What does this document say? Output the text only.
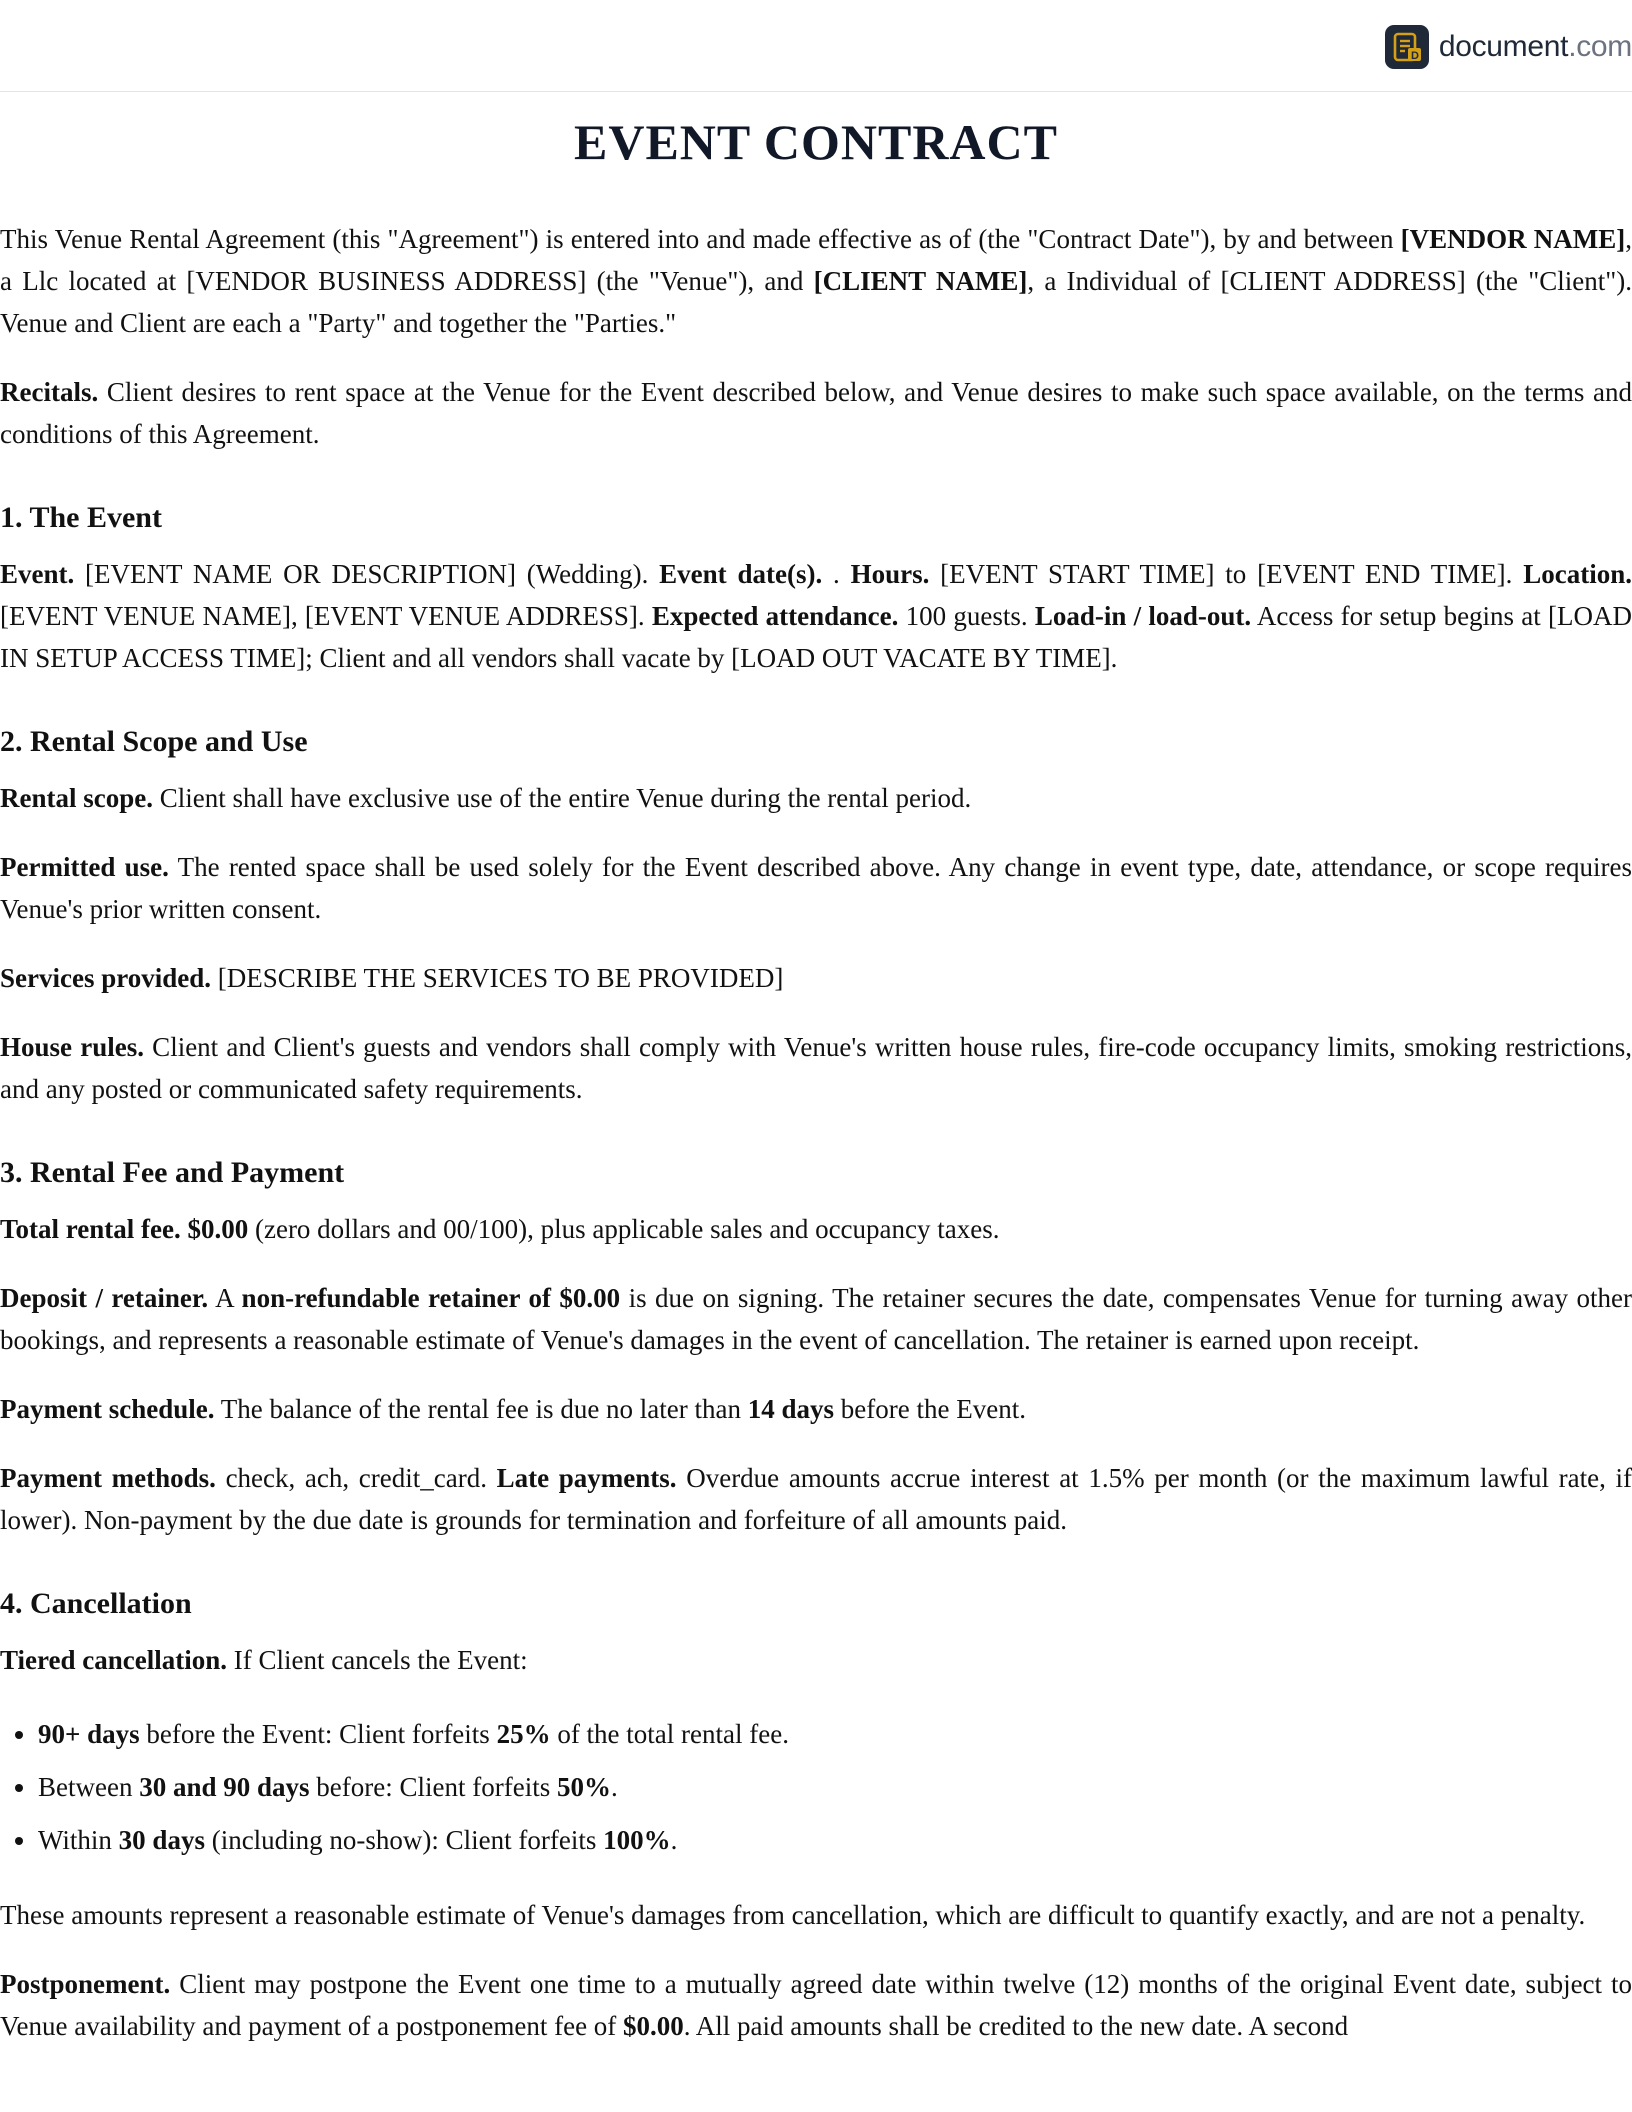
D document.com
EVENT CONTRACT

This Venue Rental Agreement (this "Agreement") is entered into and made effective as of (the "Contract Date"), by and between [VENDOR NAME], a Llc located at [VENDOR BUSINESS ADDRESS] (the "Venue"), and [CLIENT NAME], a Individual of [CLIENT ADDRESS] (the "Client"). Venue and Client are each a "Party" and together the "Parties."

Recitals. Client desires to rent space at the Venue for the Event described below, and Venue desires to make such space available, on the terms and conditions of this Agreement.

1. The Event

Event. [EVENT NAME OR DESCRIPTION] (Wedding). Event date(s). . Hours. [EVENT START TIME] to [EVENT END TIME]. Location. [EVENT VENUE NAME], [EVENT VENUE ADDRESS]. Expected attendance. 100 guests. Load-in / load-out. Access for setup begins at [LOAD IN SETUP ACCESS TIME]; Client and all vendors shall vacate by [LOAD OUT VACATE BY TIME].

2. Rental Scope and Use

Rental scope. Client shall have exclusive use of the entire Venue during the rental period.

Permitted use. The rented space shall be used solely for the Event described above. Any change in event type, date, attendance, or scope requires Venue's prior written consent.

Services provided. [DESCRIBE THE SERVICES TO BE PROVIDED]

House rules. Client and Client's guests and vendors shall comply with Venue's written house rules, fire-code occupancy limits, smoking restrictions, and any posted or communicated safety requirements.

3. Rental Fee and Payment

Total rental fee. $0.00 (zero dollars and 00/100), plus applicable sales and occupancy taxes.

Deposit / retainer. A non-refundable retainer of $0.00 is due on signing. The retainer secures the date, compensates Venue for turning away other bookings, and represents a reasonable estimate of Venue's damages in the event of cancellation. The retainer is earned upon receipt.

Payment schedule. The balance of the rental fee is due no later than 14 days before the Event.

Payment methods. check, ach, credit_card. Late payments. Overdue amounts accrue interest at 1.5% per month (or the maximum lawful rate, if lower). Non-payment by the due date is grounds for termination and forfeiture of all amounts paid.

4. Cancellation

Tiered cancellation. If Client cancels the Event:

• 90+ days before the Event: Client forfeits 25% of the total rental fee.
• Between 30 and 90 days before: Client forfeits 50%.
• Within 30 days (including no-show): Client forfeits 100%.

These amounts represent a reasonable estimate of Venue's damages from cancellation, which are difficult to quantify exactly, and are not a penalty.

Postponement. Client may postpone the Event one time to a mutually agreed date within twelve (12) months of the original Event date, subject to Venue availability and payment of a postponement fee of $0.00. All paid amounts shall be credited to the new date. A second
